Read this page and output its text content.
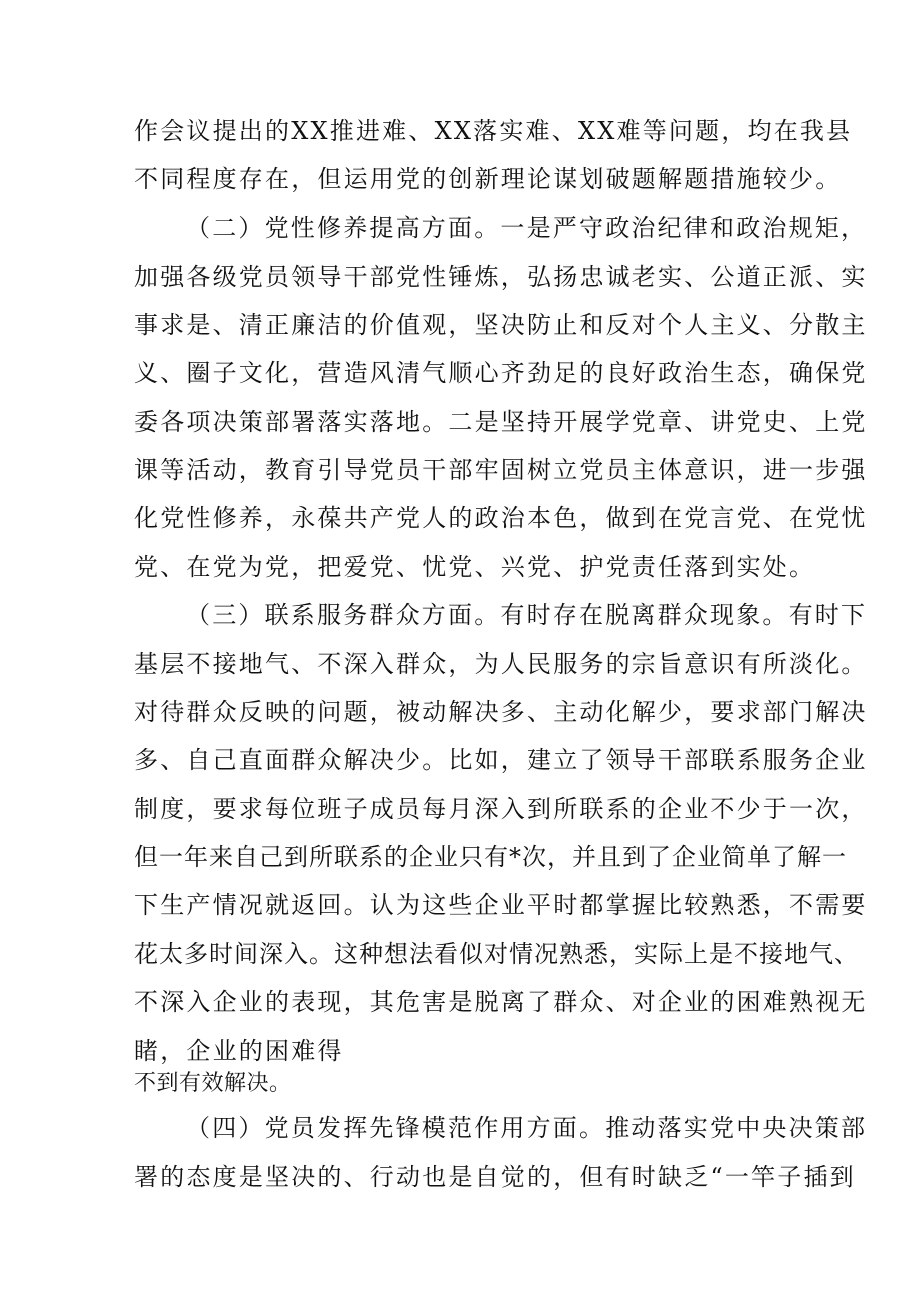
作会议提出的XX推进难、XX落实难、XX难等问题，均在我县
不同程度存在，但运用党的创新理论谋划破题解题措施较少。
（二）党性修养提高方面。一是严守政治纪律和政治规矩，
加强各级党员领导干部党性锤炼，弘扬忠诚老实、公道正派、实
事求是、清正廉洁的价值观，坚决防止和反对个人主义、分散主
义、圈子文化，营造风清气顺心齐劲足的良好政治生态，确保党
委各项决策部署落实落地。二是坚持开展学党章、讲党史、上党
课等活动，教育引导党员干部牢固树立党员主体意识，进一步强
化党性修养，永葆共产党人的政治本色，做到在党言党、在党忧
党、在党为党，把爱党、忧党、兴党、护党责任落到实处。
（三）联系服务群众方面。有时存在脱离群众现象。有时下
基层不接地气、不深入群众，为人民服务的宗旨意识有所淡化。
对待群众反映的问题，被动解决多、主动化解少，要求部门解决
多、自己直面群众解决少。比如，建立了领导干部联系服务企业
制度，要求每位班子成员每月深入到所联系的企业不少于一次，
但一年来自己到所联系的企业只有*次，并且到了企业简单了解一
下生产情况就返回。认为这些企业平时都掌握比较熟悉，不需要
花太多时间深入。这种想法看似对情况熟悉，实际上是不接地气、
不深入企业的表现，其危害是脱离了群众、对企业的困难熟视无
睹，企业的困难得
不到有效解决。
（四）党员发挥先锋模范作用方面。推动落实党中央决策部
署的态度是坚决的、行动也是自觉的，但有时缺乏“一竿子插到
